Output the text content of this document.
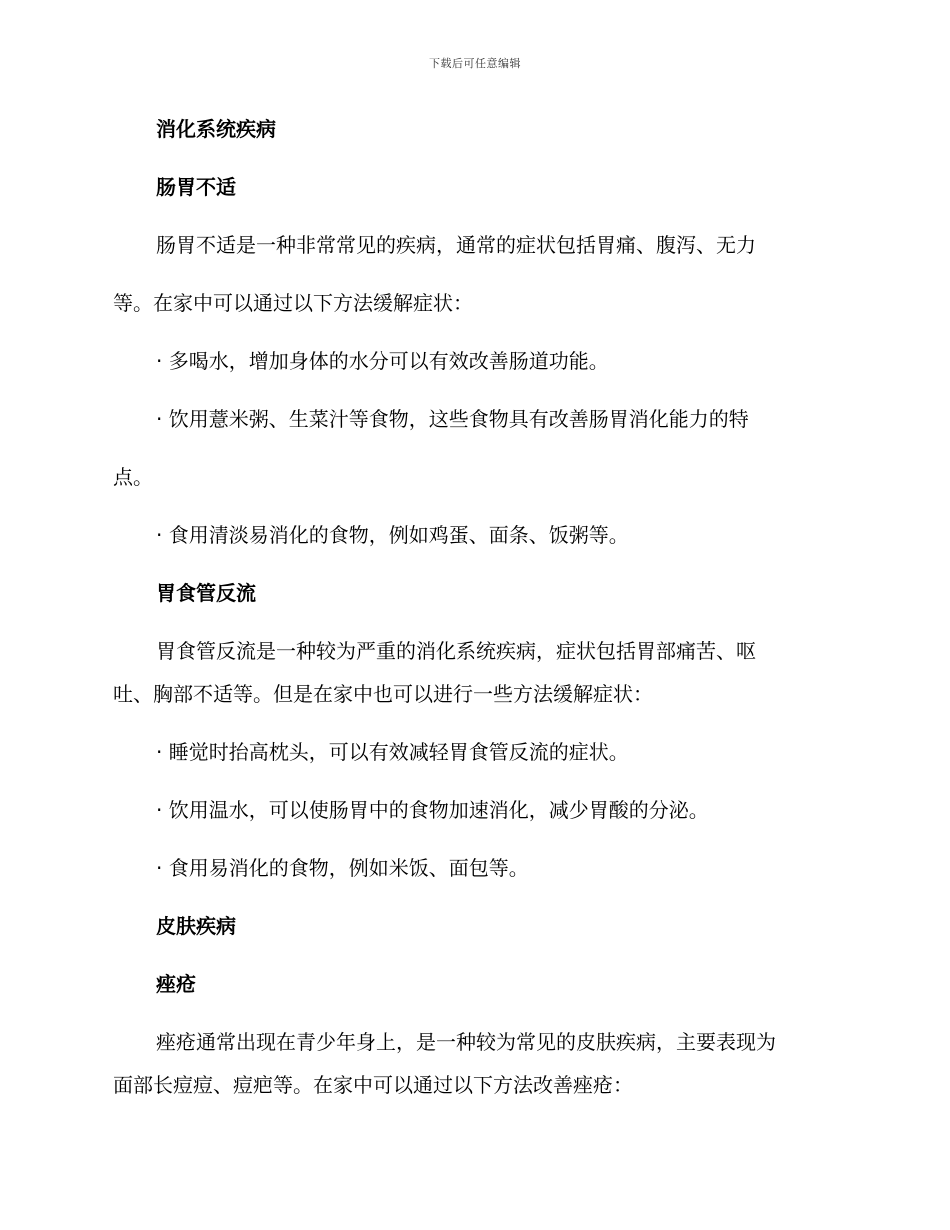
下载后可任意编辑

消化系统疾病

肠胃不适

肠胃不适是一种非常常见的疾病，通常的症状包括胃痛、腹泻、无力

等。在家中可以通过以下方法缓解症状：

· 多喝水，增加身体的水分可以有效改善肠道功能。

· 饮用薏米粥、生菜汁等食物，这些食物具有改善肠胃消化能力的特

点。

· 食用清淡易消化的食物，例如鸡蛋、面条、饭粥等。

胃食管反流

胃食管反流是一种较为严重的消化系统疾病，症状包括胃部痛苦、呕

吐、胸部不适等。但是在家中也可以进行一些方法缓解症状：

· 睡觉时抬高枕头，可以有效减轻胃食管反流的症状。

· 饮用温水，可以使肠胃中的食物加速消化，减少胃酸的分泌。

· 食用易消化的食物，例如米饭、面包等。

皮肤疾病

痤疮

痤疮通常出现在青少年身上，是一种较为常见的皮肤疾病，主要表现为

面部长痘痘、痘疤等。在家中可以通过以下方法改善痤疮：
